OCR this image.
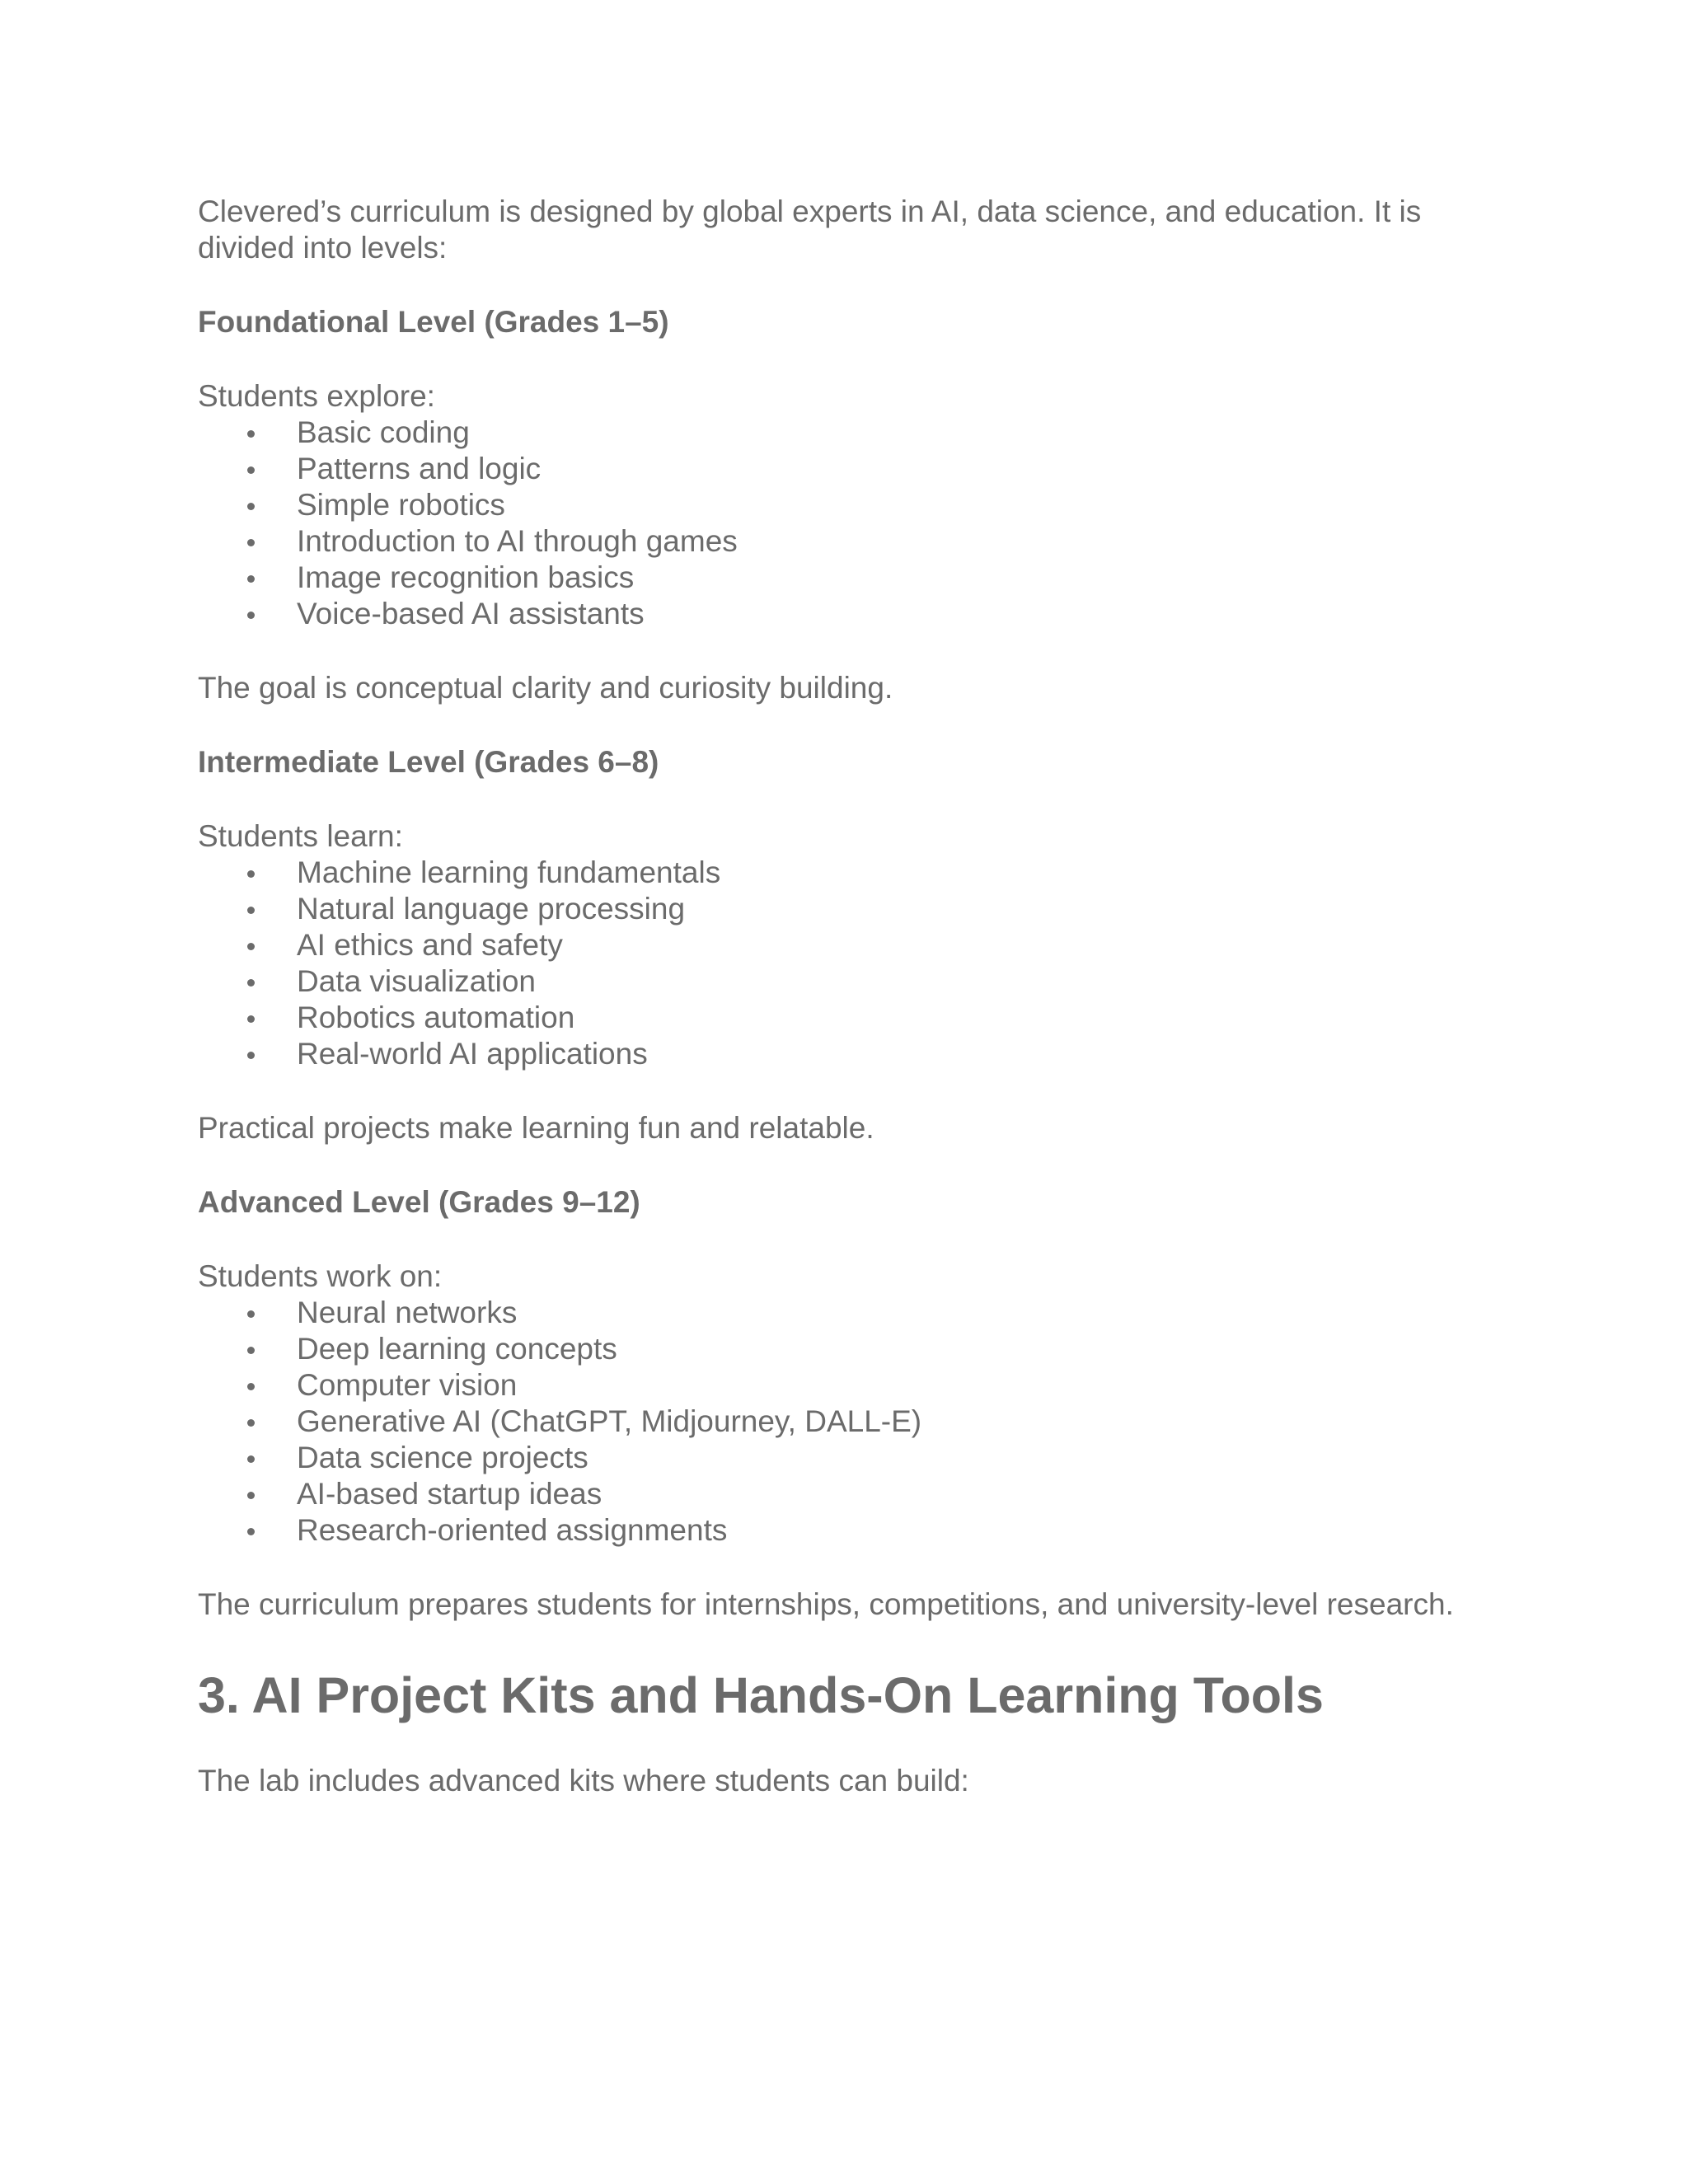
Clevered’s curriculum is designed by global experts in AI, data science, and education. It is divided into levels:

Foundational Level (Grades 1–5)

Students explore:

Basic coding
Patterns and logic
Simple robotics
Introduction to AI through games
Image recognition basics
Voice-based AI assistants

The goal is conceptual clarity and curiosity building.

Intermediate Level (Grades 6–8)

Students learn:

Machine learning fundamentals
Natural language processing
AI ethics and safety
Data visualization
Robotics automation
Real-world AI applications

Practical projects make learning fun and relatable.

Advanced Level (Grades 9–12)

Students work on:

Neural networks
Deep learning concepts
Computer vision
Generative AI (ChatGPT, Midjourney, DALL-E)
Data science projects
AI-based startup ideas
Research-oriented assignments

The curriculum prepares students for internships, competitions, and university-level research.

3. AI Project Kits and Hands-On Learning Tools

The lab includes advanced kits where students can build:
